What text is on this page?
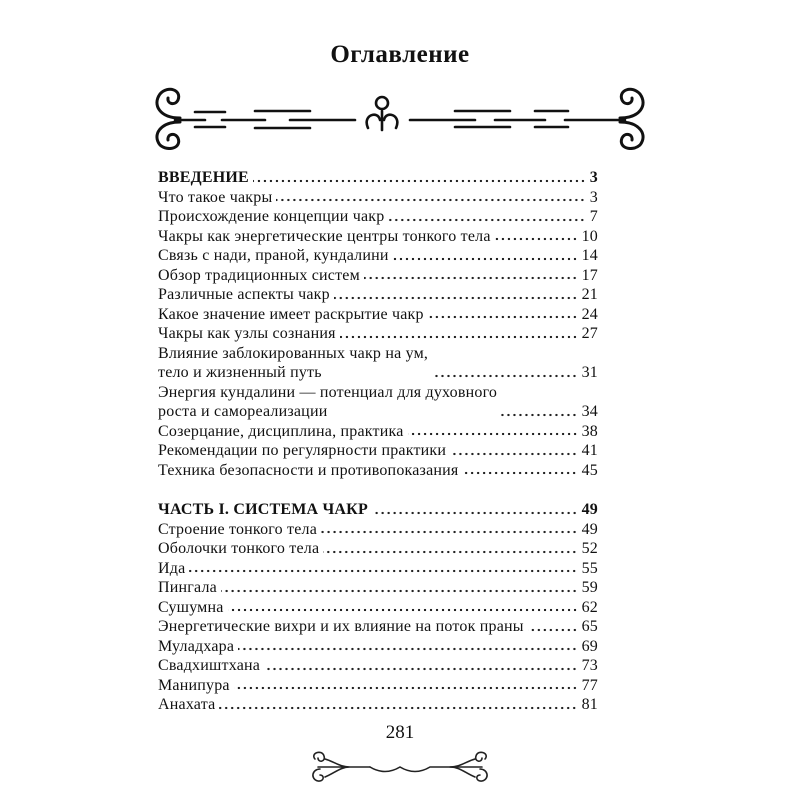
Оглавление
ВВЕДЕНИЕ	3
Что такое чакры	3
Происхождение концепции чакр	7
Чакры как энергетические центры тонкого тела	10
Связь с нади, праной, кундалини	14
Обзор традиционных систем	17
Различные аспекты чакр	21
Какое значение имеет раскрытие чакр	24
Чакры как узлы сознания	27
Влияние заблокированных чакр на ум,
тело и жизненный путь	31
Энергия кундалини — потенциал для духовного
роста и самореализации	34
Созерцание, дисциплина, практика	38
Рекомендации по регулярности практики	41
Техника безопасности и противопоказания	45
ЧАСТЬ I. СИСТЕМА ЧАКР	49
Строение тонкого тела	49
Оболочки тонкого тела	52
Ида	55
Пингала	59
Сушумна	62
Энергетические вихри и их влияние на поток праны	65
Муладхара	69
Свадхиштхана	73
Манипура	77
Анахата	81
281
